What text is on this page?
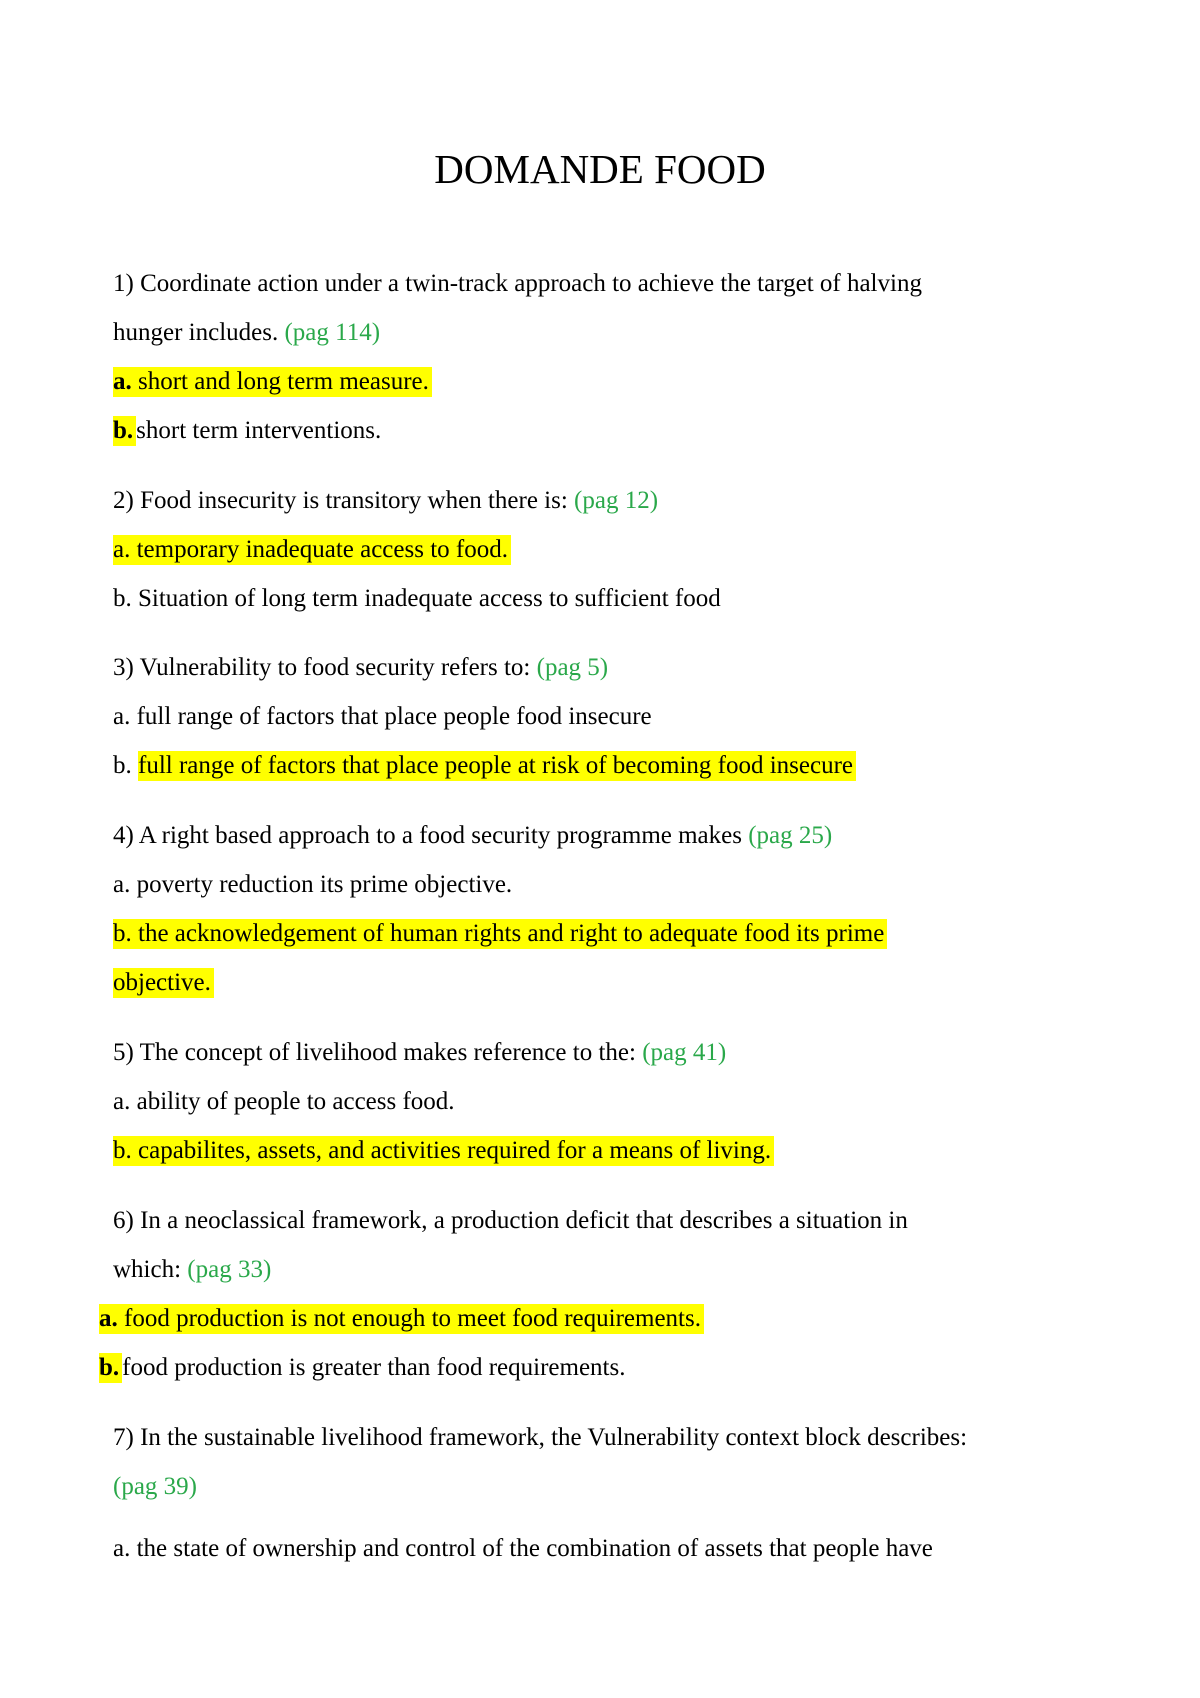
DOMANDE FOOD
1) Coordinate action under a twin-track approach to achieve the target of halving
hunger includes. (pag 114)
a. short and long term measure.
b. short term interventions.
2) Food insecurity is transitory when there is: (pag 12)
a. temporary inadequate access to food.
b. Situation of long term inadequate access to sufficient food
3) Vulnerability to food security refers to: (pag 5)
a. full range of factors that place people food insecure
b. full range of factors that place people at risk of becoming food insecure
4) A right based approach to a food security programme makes (pag 25)
a. poverty reduction its prime objective.
b. the acknowledgement of human rights and right to adequate food its prime
objective.
5) The concept of livelihood makes reference to the: (pag 41)
a. ability of people to access food.
b. capabilites, assets, and activities required for a means of living.
6) In a neoclassical framework, a production deficit that describes a situation in
which: (pag 33)
a. food production is not enough to meet food requirements.
b. food production is greater than food requirements.
7) In the sustainable livelihood framework, the Vulnerability context block describes:
(pag 39)
a. the state of ownership and control of the combination of assets that people have
